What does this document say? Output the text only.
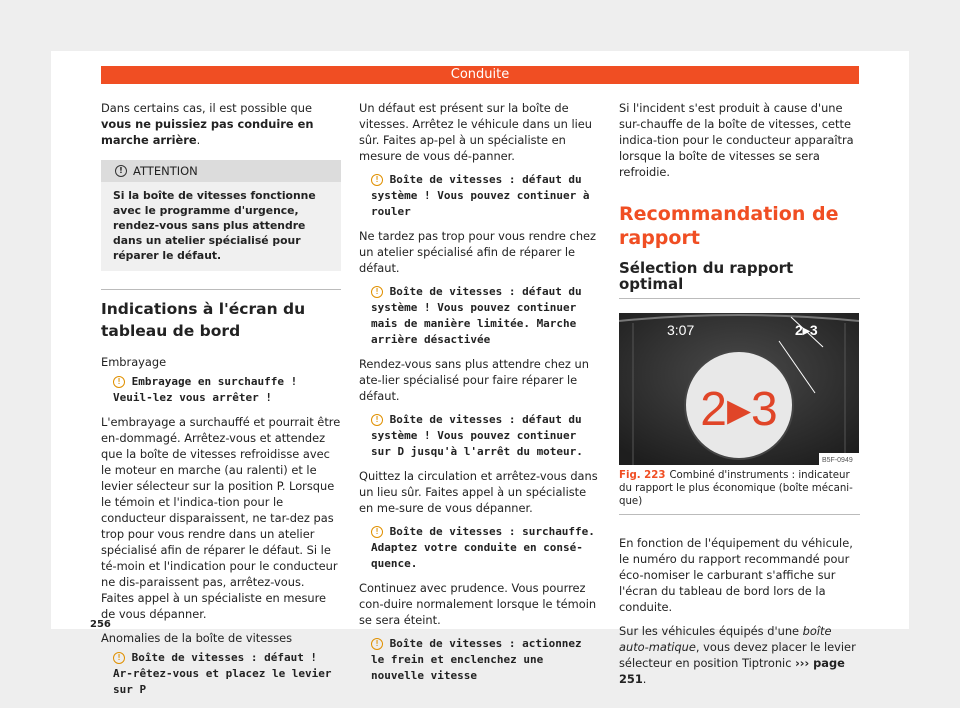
Conduite

Dans certains cas, il est possible que vous ne puissiez pas conduire en marche arrière.

! ATTENTION
Si la boîte de vitesses fonctionne avec le programme d'urgence, rendez-vous sans plus attendre dans un atelier spécialisé pour réparer le défaut.
Indications à l'écran du tableau de bord

Embrayage

! Embrayage en surchauffe ! Veuil-lez vous arrêter !

L'embrayage a surchauffé et pourrait être en-dommagé. Arrêtez-vous et attendez que la boîte de vitesses refroidisse avec le moteur en marche (au ralenti) et le levier sélecteur sur la position P. Lorsque le témoin et l'indica-tion pour le conducteur disparaissent, ne tar-dez pas trop pour vous rendre dans un atelier spécialisé afin de réparer le défaut. Si le té-moin et l'indication pour le conducteur ne dis-paraissent pas, arrêtez-vous. Faites appel à un spécialiste en mesure de vous dépanner.

Anomalies de la boîte de vitesses

! Boîte de vitesses : défaut ! Ar-rêtez-vous et placez le levier sur P

Un défaut est présent sur la boîte de vitesses. Arrêtez le véhicule dans un lieu sûr. Faites ap-pel à un spécialiste en mesure de vous dé-panner.

! Boîte de vitesses : défaut du système ! Vous pouvez continuer à rouler

Ne tardez pas trop pour vous rendre chez un atelier spécialisé afin de réparer le défaut.

! Boîte de vitesses : défaut du système ! Vous pouvez continuer mais de manière limitée. Marche arrière désactivée

Rendez-vous sans plus attendre chez un ate-lier spécialisé pour faire réparer le défaut.

! Boîte de vitesses : défaut du système ! Vous pouvez continuer sur D jusqu'à l'arrêt du moteur.

Quittez la circulation et arrêtez-vous dans un lieu sûr. Faites appel à un spécialiste en me-sure de vous dépanner.

! Boîte de vitesses : surchauffe. Adaptez votre conduite en consé-quence.

Continuez avec prudence. Vous pourrez con-duire normalement lorsque le témoin se sera éteint.

! Boîte de vitesses : actionnez le frein et enclenchez une nouvelle vitesse

Si l'incident s'est produit à cause d'une sur-chauffe de la boîte de vitesses, cette indica-tion pour le conducteur apparaîtra lorsque la boîte de vitesses se sera refroidie.

Recommandation de rapport
Sélection du rapport optimal
3:07	2▸3
2▸3
B5F-0949
Fig. 223 Combiné d'instruments : indicateur du rapport le plus économique (boîte mécani-que)

En fonction de l'équipement du véhicule, le numéro du rapport recommandé pour éco-nomiser le carburant s'affiche sur l'écran du tableau de bord lors de la conduite.

Sur les véhicules équipés d'une boîte auto-matique, vous devez placer le levier sélecteur en position Tiptronic ››› page 251.

256
